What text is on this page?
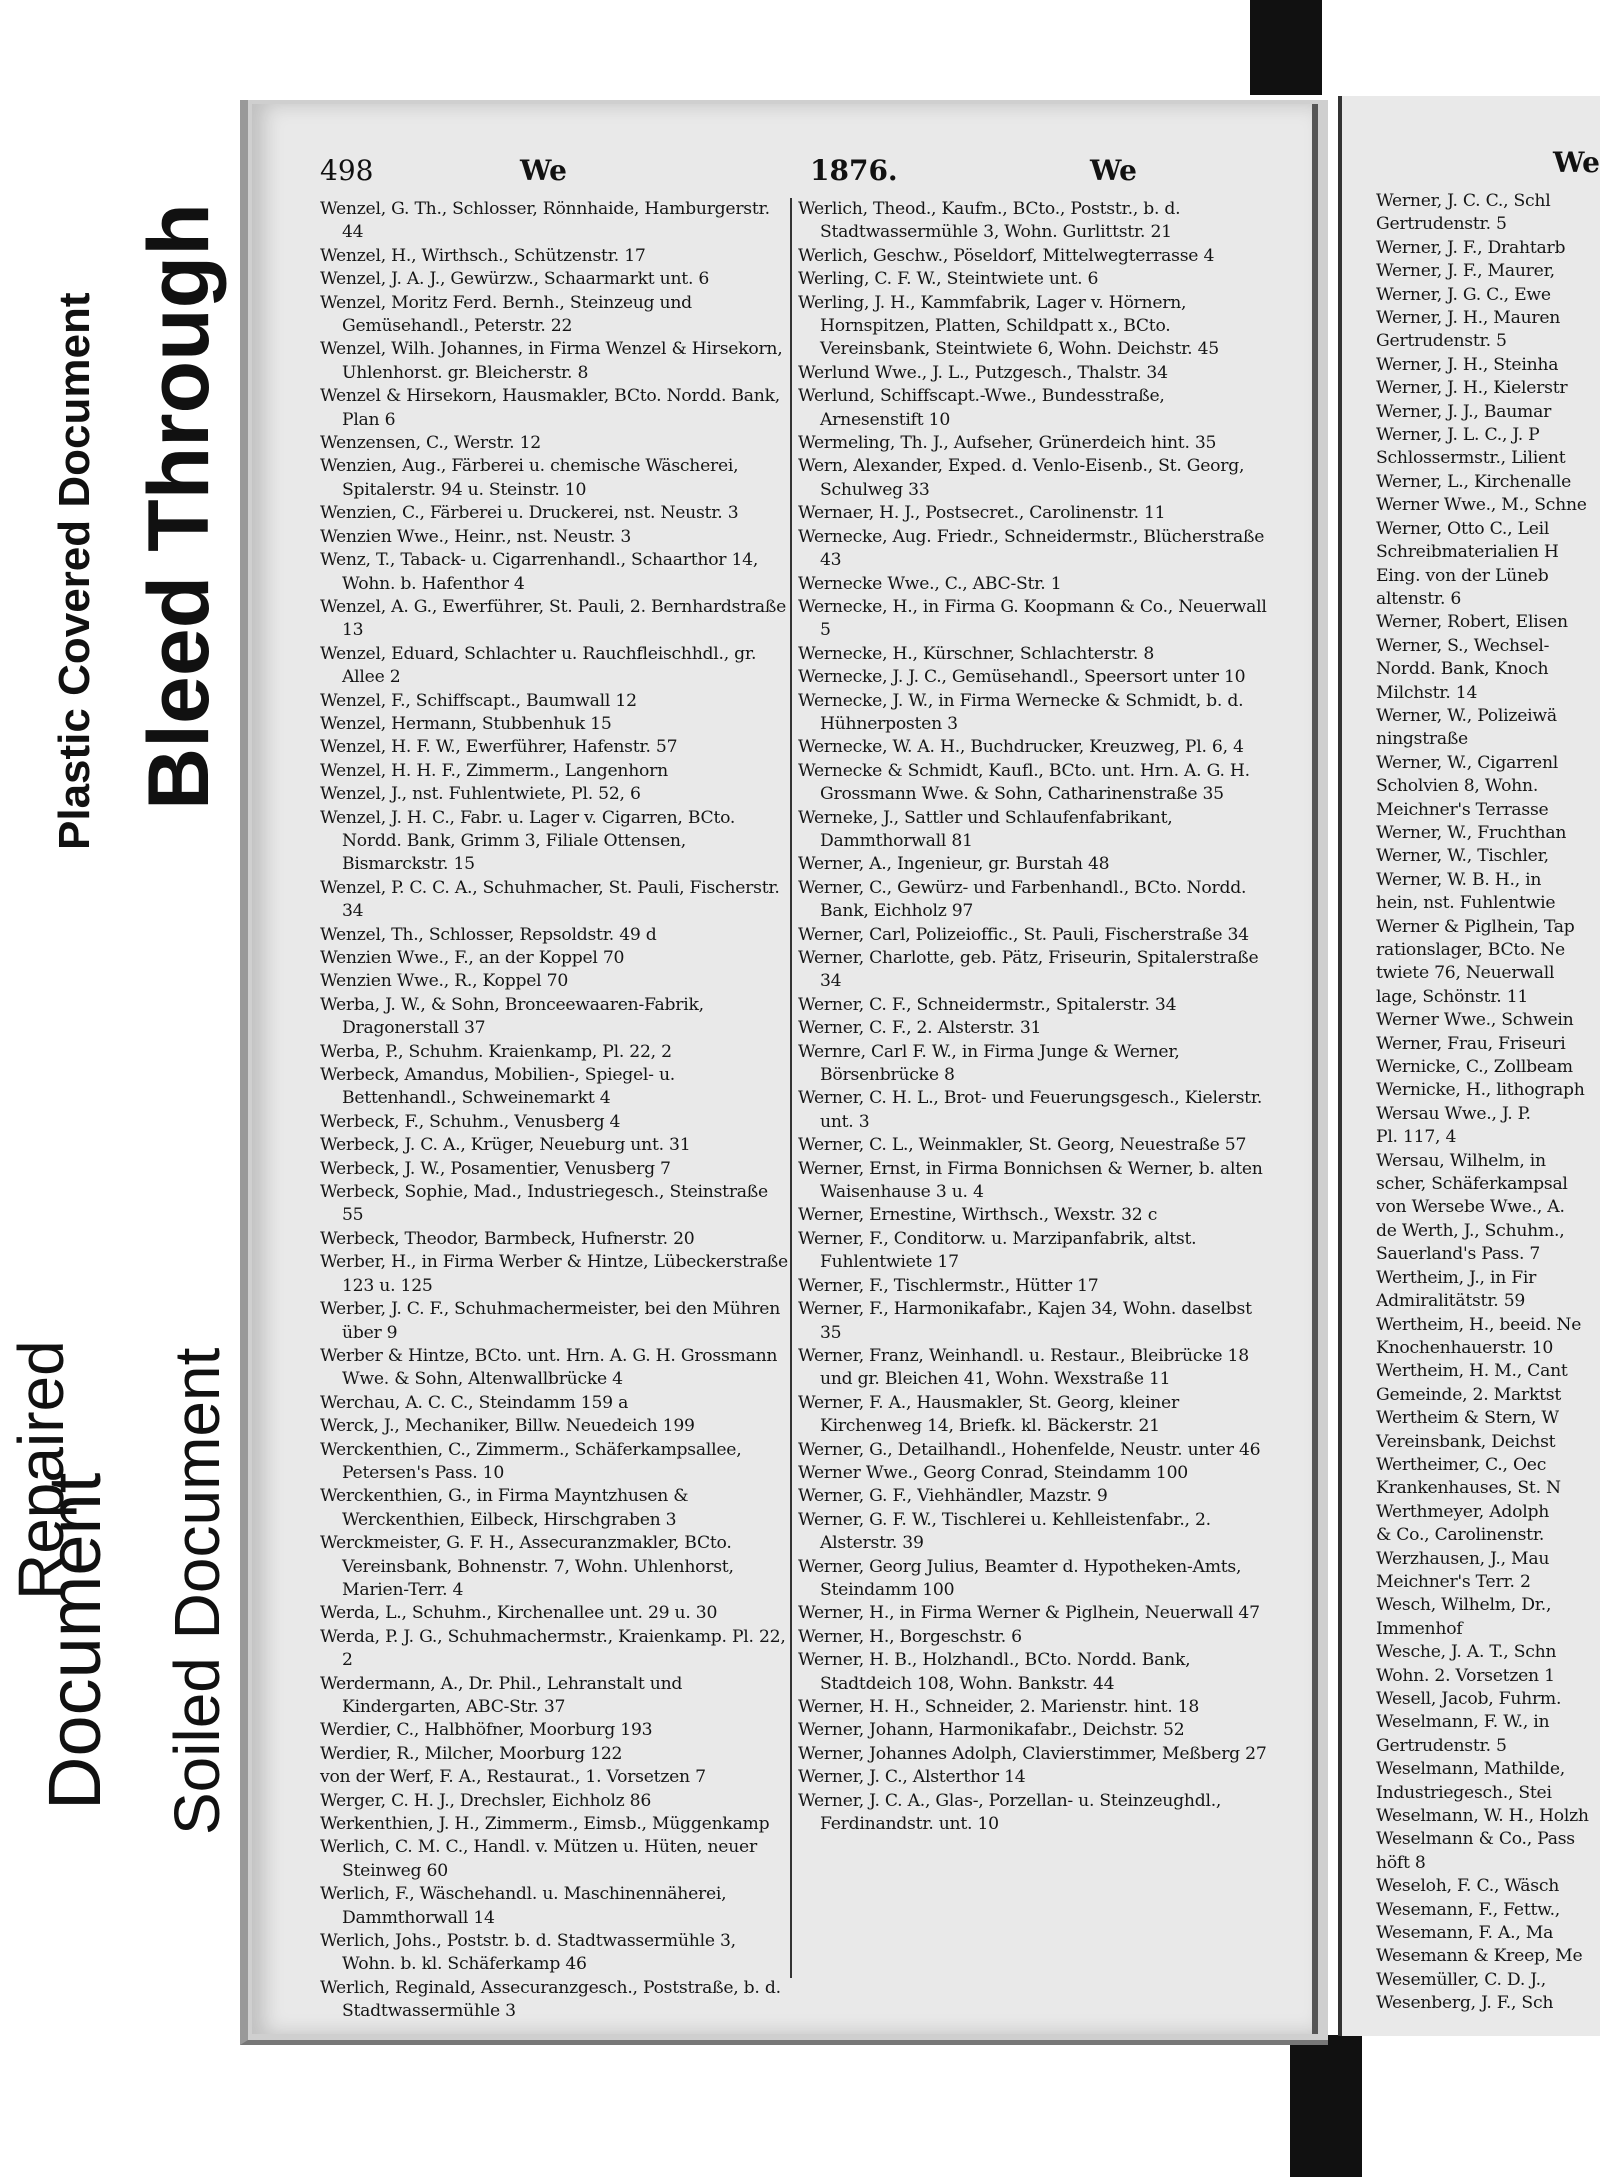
Repaired
Document
Plastic Covered Document Bleed Through
Soiled Document
498	We	1876.	We
Wenzel, G. Th., Schlosser, Rönnhaide, Hamburgerstr. 44
Wenzel, H., Wirthsch., Schützenstr. 17
Wenzel, J. A. J., Gewürzw., Schaarmarkt unt. 6
Wenzel, Moritz Ferd. Bernh., Steinzeug und Gemüsehandl., Peterstr. 22
Wenzel, Wilh. Johannes, in Firma Wenzel & Hirsekorn, Uhlenhorst. gr. Bleicherstr. 8
Wenzel & Hirsekorn, Hausmakler, BCto. Nordd. Bank, Plan 6
Wenzensen, C., Werstr. 12
Wenzien, Aug., Färberei u. chemische Wäscherei, Spitalerstr. 94 u. Steinstr. 10
Wenzien, C., Färberei u. Druckerei, nst. Neustr. 3
Wenzien Wwe., Heinr., nst. Neustr. 3
Wenz, T., Taback- u. Cigarrenhandl., Schaarthor 14, Wohn. b. Hafenthor 4
Wenzel, A. G., Ewerführer, St. Pauli, 2. Bernhardstraße 13
Wenzel, Eduard, Schlachter u. Rauchfleischhdl., gr. Allee 2
Wenzel, F., Schiffscapt., Baumwall 12
Wenzel, Hermann, Stubbenhuk 15
Wenzel, H. F. W., Ewerführer, Hafenstr. 57
Wenzel, H. H. F., Zimmerm., Langenhorn
Wenzel, J., nst. Fuhlentwiete, Pl. 52, 6
Wenzel, J. H. C., Fabr. u. Lager v. Cigarren, BCto. Nordd. Bank, Grimm 3, Filiale Ottensen, Bismarckstr. 15
Wenzel, P. C. C. A., Schuhmacher, St. Pauli, Fischerstr. 34
Wenzel, Th., Schlosser, Repsoldstr. 49 d
Wenzien Wwe., F., an der Koppel 70
Wenzien Wwe., R., Koppel 70
Werba, J. W., & Sohn, Bronceewaaren-Fabrik, Dragonerstall 37
Werba, P., Schuhm. Kraienkamp, Pl. 22, 2
Werbeck, Amandus, Mobilien-, Spiegel- u. Bettenhandl., Schweinemarkt 4
Werbeck, F., Schuhm., Venusberg 4
Werbeck, J. C. A., Krüger, Neueburg unt. 31
Werbeck, J. W., Posamentier, Venusberg 7
Werbeck, Sophie, Mad., Industriegesch., Steinstraße 55
Werbeck, Theodor, Barmbeck, Hufnerstr. 20
Werber, H., in Firma Werber & Hintze, Lübeckerstraße 123 u. 125
Werber, J. C. F., Schuhmachermeister, bei den Mühren über 9
Werber & Hintze, BCto. unt. Hrn. A. G. H. Grossmann Wwe. & Sohn, Altenwallbrücke 4
Werchau, A. C. C., Steindamm 159 a
Werck, J., Mechaniker, Billw. Neuedeich 199
Werckenthien, C., Zimmerm., Schäferkampsallee, Petersen's Pass. 10
Werckenthien, G., in Firma Mayntzhusen & Werckenthien, Eilbeck, Hirschgraben 3
Werckmeister, G. F. H., Assecuranzmakler, BCto. Vereinsbank, Bohnenstr. 7, Wohn. Uhlenhorst, Marien-Terr. 4
Werda, L., Schuhm., Kirchenallee unt. 29 u. 30
Werda, P. J. G., Schuhmachermstr., Kraienkamp. Pl. 22, 2
Werdermann, A., Dr. Phil., Lehranstalt und Kindergarten, ABC-Str. 37
Werdier, C., Halbhöfner, Moorburg 193
Werdier, R., Milcher, Moorburg 122
von der Werf, F. A., Restaurat., 1. Vorsetzen 7
Werger, C. H. J., Drechsler, Eichholz 86
Werkenthien, J. H., Zimmerm., Eimsb., Müggenkamp
Werlich, C. M. C., Handl. v. Mützen u. Hüten, neuer Steinweg 60
Werlich, F., Wäschehandl. u. Maschinennäherei, Dammthorwall 14
Werlich, Johs., Poststr. b. d. Stadtwassermühle 3, Wohn. b. kl. Schäferkamp 46
Werlich, Reginald, Assecuranzgesch., Poststraße, b. d. Stadtwassermühle 3
Werlich, Theod., Kaufm., BCto., Poststr., b. d. Stadtwassermühle 3, Wohn. Gurlittstr. 21
Werlich, Geschw., Pöseldorf, Mittelwegterrasse 4
Werling, C. F. W., Steintwiete unt. 6
Werling, J. H., Kammfabrik, Lager v. Hörnern, Hornspitzen, Platten, Schildpatt x., BCto. Vereinsbank, Steintwiete 6, Wohn. Deichstr. 45
Werlund Wwe., J. L., Putzgesch., Thalstr. 34
Werlund, Schiffscapt.-Wwe., Bundesstraße, Arnesenstift 10
Wermeling, Th. J., Aufseher, Grünerdeich hint. 35
Wern, Alexander, Exped. d. Venlo-Eisenb., St. Georg, Schulweg 33
Wernaer, H. J., Postsecret., Carolinenstr. 11
Wernecke, Aug. Friedr., Schneidermstr., Blücherstraße 43
Wernecke Wwe., C., ABC-Str. 1
Wernecke, H., in Firma G. Koopmann & Co., Neuerwall 5
Wernecke, H., Kürschner, Schlachterstr. 8
Wernecke, J. J. C., Gemüsehandl., Speersort unter 10
Wernecke, J. W., in Firma Wernecke & Schmidt, b. d. Hühnerposten 3
Wernecke, W. A. H., Buchdrucker, Kreuzweg, Pl. 6, 4
Wernecke & Schmidt, Kaufl., BCto. unt. Hrn. A. G. H. Grossmann Wwe. & Sohn, Catharinenstraße 35
Werneke, J., Sattler und Schlaufenfabrikant, Dammthorwall 81
Werner, A., Ingenieur, gr. Burstah 48
Werner, C., Gewürz- und Farbenhandl., BCto. Nordd. Bank, Eichholz 97
Werner, Carl, Polizeioffic., St. Pauli, Fischerstraße 34
Werner, Charlotte, geb. Pätz, Friseurin, Spitalerstraße 34
Werner, C. F., Schneidermstr., Spitalerstr. 34
Werner, C. F., 2. Alsterstr. 31
Wernre, Carl F. W., in Firma Junge & Werner, Börsenbrücke 8
Werner, C. H. L., Brot- und Feuerungsgesch., Kielerstr. unt. 3
Werner, C. L., Weinmakler, St. Georg, Neuestraße 57
Werner, Ernst, in Firma Bonnichsen & Werner, b. alten Waisenhause 3 u. 4
Werner, Ernestine, Wirthsch., Wexstr. 32 c
Werner, F., Conditorw. u. Marzipanfabrik, altst. Fuhlentwiete 17
Werner, F., Tischlermstr., Hütter 17
Werner, F., Harmonikafabr., Kajen 34, Wohn. daselbst 35
Werner, Franz, Weinhandl. u. Restaur., Bleibrücke 18 und gr. Bleichen 41, Wohn. Wexstraße 11
Werner, F. A., Hausmakler, St. Georg, kleiner Kirchenweg 14, Briefk. kl. Bäckerstr. 21
Werner, G., Detailhandl., Hohenfelde, Neustr. unter 46
Werner Wwe., Georg Conrad, Steindamm 100
Werner, G. F., Viehhändler, Mazstr. 9
Werner, G. F. W., Tischlerei u. Kehlleistenfabr., 2. Alsterstr. 39
Werner, Georg Julius, Beamter d. Hypotheken-Amts, Steindamm 100
Werner, H., in Firma Werner & Piglhein, Neuerwall 47
Werner, H., Borgeschstr. 6
Werner, H. B., Holzhandl., BCto. Nordd. Bank, Stadtdeich 108, Wohn. Bankstr. 44
Werner, H. H., Schneider, 2. Marienstr. hint. 18
Werner, Johann, Harmonikafabr., Deichstr. 52
Werner, Johannes Adolph, Clavierstimmer, Meßberg 27
Werner, J. C., Alsterthor 14
Werner, J. C. A., Glas-, Porzellan- u. Steinzeughdl., Ferdinandstr. unt. 10
We
Werner, J. C. C., Schl
Gertrudenstr. 5
Werner, J. F., Drahtarb
Werner, J. F., Maurer,
Werner, J. G. C., Ewe
Werner, J. H., Mauren
Gertrudenstr. 5
Werner, J. H., Steinha
Werner, J. H., Kielerstr
Werner, J. J., Baumar
Werner, J. L. C., J. P
Schlossermstr., Lilient
Werner, L., Kirchenalle
Werner Wwe., M., Schne
Werner, Otto C., Leil
Schreibmaterialien H
Eing. von der Lüneb
altenstr. 6
Werner, Robert, Elisen
Werner, S., Wechsel-
Nordd. Bank, Knoch
Milchstr. 14
Werner, W., Polizeiwä
ningstraße
Werner, W., Cigarrenl
Scholvien 8, Wohn.
Meichner's Terrasse
Werner, W., Fruchthan
Werner, W., Tischler,
Werner, W. B. H., in
hein, nst. Fuhlentwie
Werner & Piglhein, Tap
rationslager, BCto. Ne
twiete 76, Neuerwall
lage, Schönstr. 11
Werner Wwe., Schwein
Werner, Frau, Friseuri
Wernicke, C., Zollbeam
Wernicke, H., lithograph
Wersau Wwe., J. P.
Pl. 117, 4
Wersau, Wilhelm, in
scher, Schäferkampsal
von Wersebe Wwe., A.
de Werth, J., Schuhm.,
Sauerland's Pass. 7
Wertheim, J., in Fir
Admiralitätstr. 59
Wertheim, H., beeid. Ne
Knochenhauerstr. 10
Wertheim, H. M., Cant
Gemeinde, 2. Marktst
Wertheim & Stern, W
Vereinsbank, Deichst
Wertheimer, C., Oec
Krankenhauses, St. N
Werthmeyer, Adolph
& Co., Carolinenstr.
Werzhausen, J., Mau
Meichner's Terr. 2
Wesch, Wilhelm, Dr.,
Immenhof
Wesche, J. A. T., Schn
Wohn. 2. Vorsetzen 1
Wesell, Jacob, Fuhrm.
Weselmann, F. W., in
Gertrudenstr. 5
Weselmann, Mathilde,
Industriegesch., Stei
Weselmann, W. H., Holzh
Weselmann & Co., Pass
höft 8
Weseloh, F. C., Wäsch
Wesemann, F., Fettw.,
Wesemann, F. A., Ma
Wesemann & Kreep, Me
Wesemüller, C. D. J.,
Wesenberg, J. F., Sch
